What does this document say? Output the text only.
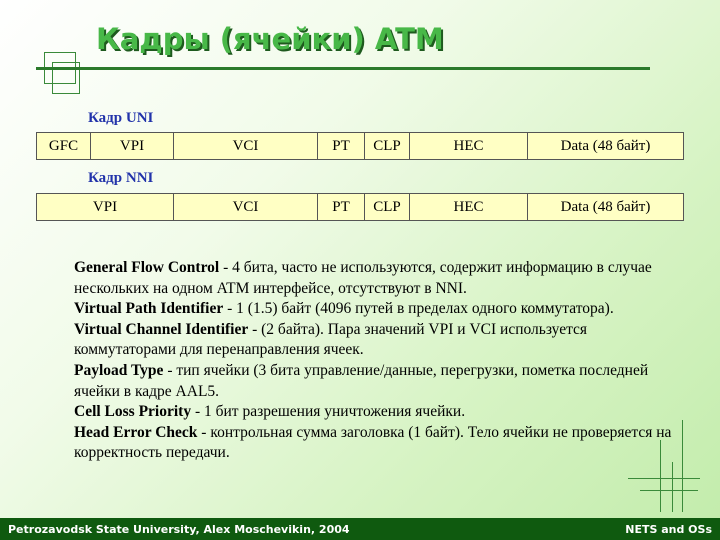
Кадры (ячейки) ATM
Кадр UNI
GFC	VPI	VCI	PT	CLP	HEC	Data (48 байт)
Кадр NNI
VPI	VCI	PT	CLP	HEC	Data (48 байт)

General Flow Control - 4 бита, часто не используются, содержит информацию в случае нескольких на одном ATM интерфейсе, отсутствуют в NNI.

Virtual Path Identifier - 1 (1.5) байт (4096 путей в пределах одного коммутатора).

Virtual Channel Identifier - (2 байта). Пара значений VPI и VCI используется коммутаторами для перенаправления ячеек.

Payload Type - тип ячейки (3 бита управление/данные, перегрузки, пометка последней ячейки в кадре AAL5.

Cell Loss Priority - 1 бит разрешения уничтожения ячейки.

Head Error Check - контрольная сумма заголовка (1 байт). Тело ячейки не проверяется на корректность передачи.

Petrozavodsk State University, Alex Moschevikin, 2004	NETS and OSs
